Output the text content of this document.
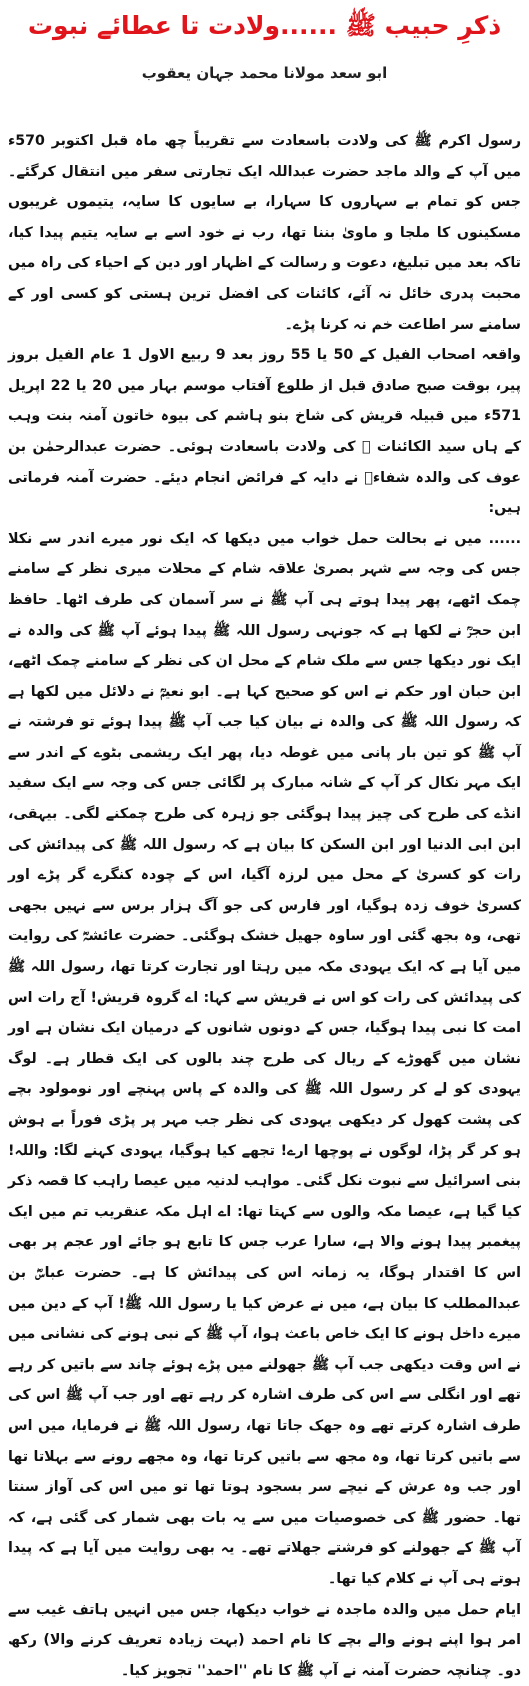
ذکرِ حبیب ﷺ ......ولادت تا عطائے نبوت
ابو سعد مولانا محمد جہان یعقوب

رسول اکرم ﷺ کی ولادت باسعادت سے تقریباً چھ ماہ قبل اکتوبر 570ء میں آپ کے والد ماجد حضرت عبداللہ ایک تجارتی سفر میں انتقال کرگئے۔ جس کو تمام بے سہاروں کا سہارا، بے سایوں کا سایہ، یتیموں غریبوں مسکینوں کا ملجا و ماویٰ بننا تھا، رب نے خود اسے بے سایہ یتیم پیدا کیا، تاکہ بعد میں تبلیغ، دعوت و رسالت کے اظہار اور دین کے احیاء کی راہ میں محبت پدری خائل نہ آئے، کائنات کی افضل ترین ہستی کو کسی اور کے سامنے سر اطاعت خم نہ کرنا پڑے۔

واقعہ اصحاب الفیل کے 50 یا 55 روز بعد 9 ربیع الاول 1 عام الفیل بروز پیر، بوقت صبح صادق قبل از طلوع آفتاب موسم بہار میں 20 یا 22 اپریل 571ء میں قبیلہ قریش کی شاخ بنو ہاشم کی بیوہ خاتون آمنہ بنت وہب کے ہاں سید الکائنات ﷺ کی ولادت باسعادت ہوئی۔ حضرت عبدالرحمٰن بن عوف کی والدہ شفاءؓ نے دایہ کے فرائض انجام دیئے۔ حضرت آمنہ فرماتی ہیں:

...... میں نے بحالت حمل خواب میں دیکھا کہ ایک نور میرے اندر سے نکلا جس کی وجہ سے شہر بصریٰ علاقہ شام کے محلات میری نظر کے سامنے چمک اٹھے، پھر پیدا ہوتے ہی آپ ﷺ نے سر آسمان کی طرف اٹھا۔ حافظ ابن حجرؒ نے لکھا ہے کہ جونہی رسول اللہ ﷺ پیدا ہوئے آپ ﷺ کی والدہ نے ایک نور دیکھا جس سے ملک شام کے محل ان کی نظر کے سامنے چمک اٹھے، ابن حبان اور حکم نے اس کو صحیح کہا ہے۔ ابو نعیمؒ نے دلائل میں لکھا ہے کہ رسول اللہ ﷺ کی والدہ نے بیان کیا جب آپ ﷺ پیدا ہوئے تو فرشتہ نے آپ ﷺ کو تین بار پانی میں غوطہ دیا، پھر ایک ریشمی بٹوے کے اندر سے ایک مہر نکال کر آپ کے شانہ مبارک پر لگائی جس کی وجہ سے ایک سفید انڈے کی طرح کی چیز پیدا ہوگئی جو زہرہ کی طرح چمکنے لگی۔ بیہقی، ابن ابی الدنیا اور ابن السکن کا بیان ہے کہ رسول اللہ ﷺ کی پیدائش کی رات کو کسریٰ کے محل میں لرزہ آگیا، اس کے چودہ کنگرے گر پڑے اور کسریٰ خوف زدہ ہوگیا، اور فارس کی جو آگ ہزار برس سے نہیں بجھی تھی، وہ بجھ گئی اور ساوہ جھیل خشک ہوگئی۔ حضرت عائشہؓ کی روایت میں آیا ہے کہ ایک یہودی مکہ میں رہتا اور تجارت کرتا تھا، رسول اللہ ﷺ کی پیدائش کی رات کو اس نے قریش سے کہا: اے گروہ قریش! آج رات اس امت کا نبی پیدا ہوگیا، جس کے دونوں شانوں کے درمیان ایک نشان ہے اور نشان میں گھوڑے کے ریال کی طرح چند بالوں کی ایک قطار ہے۔ لوگ یہودی کو لے کر رسول اللہ ﷺ کی والدہ کے پاس پہنچے اور نومولود بچے کی پشت کھول کر دیکھی یہودی کی نظر جب مہر پر پڑی فوراً بے ہوش ہو کر گر پڑا، لوگوں نے پوچھا ارے! تجھے کیا ہوگیا، یہودی کہنے لگا: واللہ! بنی اسرائیل سے نبوت نکل گئی۔ مواہب لدنیہ میں عیصا راہب کا قصہ ذکر کیا گیا ہے، عیصا مکہ والوں سے کہتا تھا: اے اہل مکہ عنقریب تم میں ایک پیغمبر پیدا ہونے والا ہے، سارا عرب جس کا تابع ہو جائے اور عجم پر بھی اس کا اقتدار ہوگا، یہ زمانہ اس کی پیدائش کا ہے۔ حضرت عباسؓ بن عبدالمطلب کا بیان ہے، میں نے عرض کیا یا رسول اللہ ﷺ! آپ کے دین میں میرے داخل ہونے کا ایک خاص باعث ہوا، آپ ﷺ کے نبی ہونے کی نشانی میں نے اس وقت دیکھی جب آپ ﷺ جھولنے میں پڑے ہوئے چاند سے باتیں کر رہے تھے اور انگلی سے اس کی طرف اشارہ کر رہے تھے اور جب آپ ﷺ اس کی طرف اشارہ کرتے تھے وہ جھک جاتا تھا، رسول اللہ ﷺ نے فرمایا، میں اس سے باتیں کرتا تھا، وہ مجھ سے باتیں کرتا تھا، وہ مجھے رونے سے بہلاتا تھا اور جب وہ عرش کے نیچے سر بسجود ہوتا تھا تو میں اس کی آواز سنتا تھا۔ حضور ﷺ کی خصوصیات میں سے یہ بات بھی شمار کی گئی ہے، کہ آپ ﷺ کے جھولنے کو فرشتے جھلاتے تھے۔ یہ بھی روایت میں آیا ہے کہ پیدا ہوتے ہی آپ نے کلام کیا تھا۔

ایام حمل میں والدہ ماجدہ نے خواب دیکھا، جس میں انہیں ہاتف غیب سے امر ہوا اپنے ہونے والے بچے کا نام احمد (بہت زیادہ تعریف کرنے والا) رکھ دو۔ چنانچہ حضرت آمنہ نے آپ ﷺ کا نام ''احمد'' تجویز کیا۔
